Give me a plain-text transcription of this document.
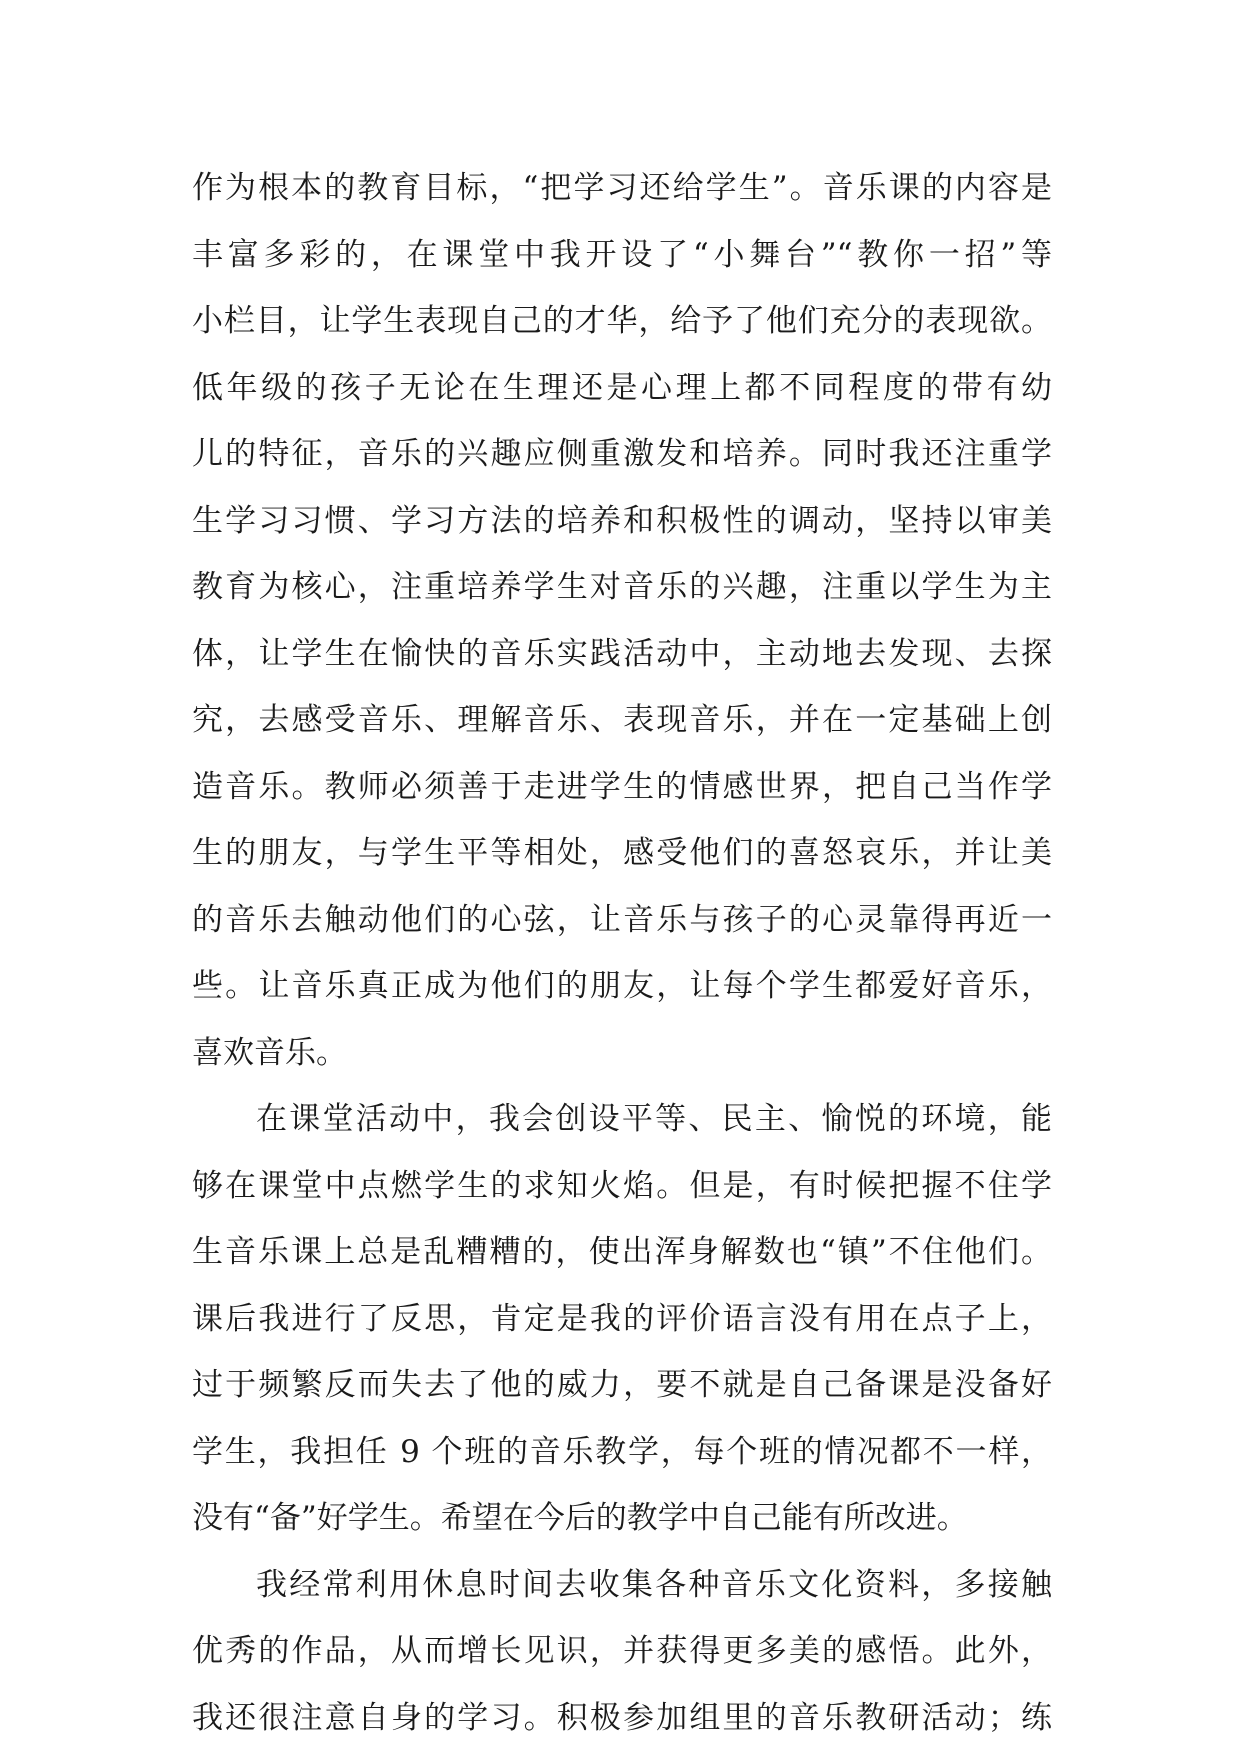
作为根本的教育目标，“把学习还给学生”。音乐课的内容是
丰富多彩的，在课堂中我开设了“小舞台”“教你一招”等
小栏目，让学生表现自己的才华，给予了他们充分的表现欲。
低年级的孩子无论在生理还是心理上都不同程度的带有幼
儿的特征，音乐的兴趣应侧重激发和培养。同时我还注重学
生学习习惯、学习方法的培养和积极性的调动，坚持以审美
教育为核心，注重培养学生对音乐的兴趣，注重以学生为主
体，让学生在愉快的音乐实践活动中，主动地去发现、去探
究，去感受音乐、理解音乐、表现音乐，并在一定基础上创
造音乐。教师必须善于走进学生的情感世界，把自己当作学
生的朋友，与学生平等相处，感受他们的喜怒哀乐，并让美
的音乐去触动他们的心弦，让音乐与孩子的心灵靠得再近一
些。让音乐真正成为他们的朋友，让每个学生都爱好音乐，
喜欢音乐。
在课堂活动中，我会创设平等、民主、愉悦的环境，能
够在课堂中点燃学生的求知火焰。但是，有时候把握不住学
生音乐课上总是乱糟糟的，使出浑身解数也“镇”不住他们。
课后我进行了反思，肯定是我的评价语言没有用在点子上，
过于频繁反而失去了他的威力，要不就是自己备课是没备好
学生，我担任 9 个班的音乐教学，每个班的情况都不一样，
没有“备”好学生。希望在今后的教学中自己能有所改进。
我经常利用休息时间去收集各种音乐文化资料，多接触
优秀的作品，从而增长见识，并获得更多美的感悟。此外，
我还很注意自身的学习。积极参加组里的音乐教研活动；练
